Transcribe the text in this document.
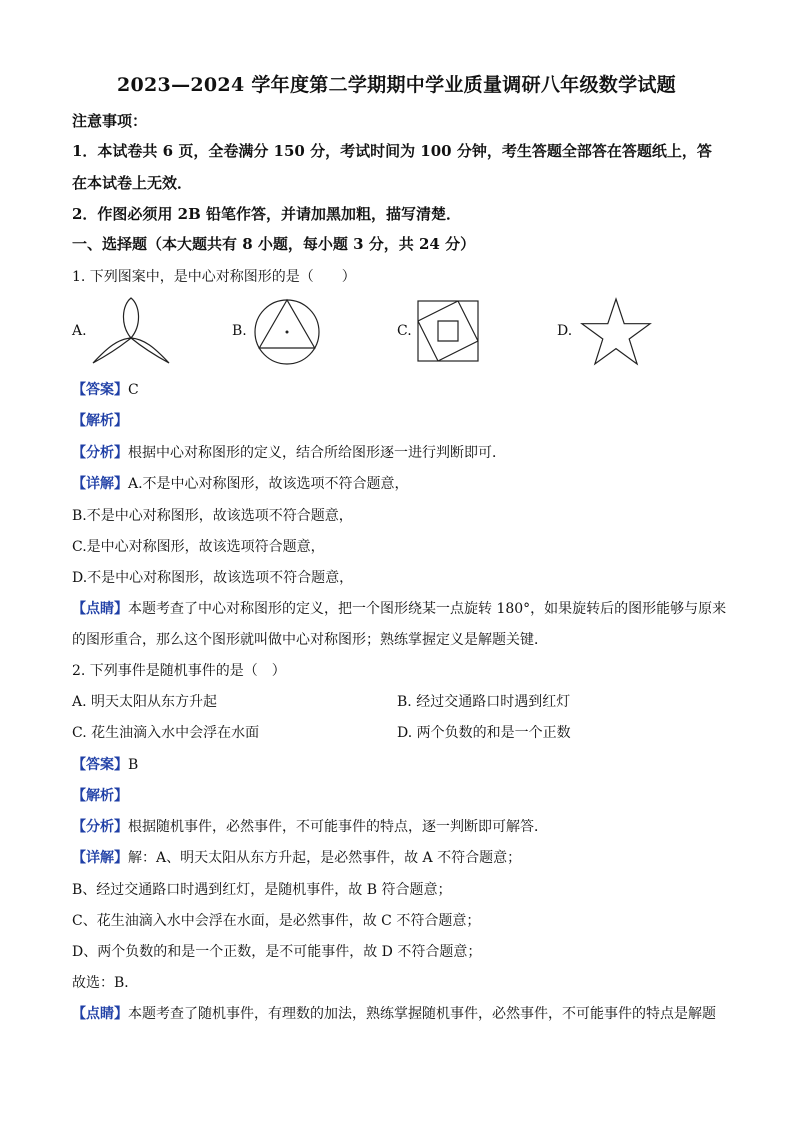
2023—2024 学年度第二学期期中学业质量调研八年级数学试题
注意事项：
1．本试卷共 6 页，全卷满分 150 分，考试时间为 100 分钟，考生答题全部答在答题纸上，答
在本试卷上无效．
2．作图必须用 2B 铅笔作答，并请加黑加粗，描写清楚．
一、选择题（本大题共有 8 小题，每小题 3 分，共 24 分）
1. 下列图案中，是中心对称图形的是（　　）
A.	B.	C.	D.
【答案】C
【解析】
【分析】根据中心对称图形的定义，结合所给图形逐一进行判断即可．
【详解】A.不是中心对称图形，故该选项不符合题意，
B.不是中心对称图形，故该选项不符合题意，
C.是中心对称图形，故该选项符合题意，
D.不是中心对称图形，故该选项不符合题意，
【点睛】本题考查了中心对称图形的定义，把一个图形绕某一点旋转 180°，如果旋转后的图形能够与原来
的图形重合，那么这个图形就叫做中心对称图形；熟练掌握定义是解题关键．
2. 下列事件是随机事件的是（　）
A. 明天太阳从东方升起	B. 经过交通路口时遇到红灯
C. 花生油滴入水中会浮在水面	D. 两个负数的和是一个正数
【答案】B
【解析】
【分析】根据随机事件，必然事件，不可能事件的特点，逐一判断即可解答．
【详解】解：A、明天太阳从东方升起，是必然事件，故 A 不符合题意；
B、经过交通路口时遇到红灯，是随机事件，故 B 符合题意；
C、花生油滴入水中会浮在水面，是必然事件，故 C 不符合题意；
D、两个负数的和是一个正数，是不可能事件，故 D 不符合题意；
故选：B．
【点睛】本题考查了随机事件，有理数的加法，熟练掌握随机事件，必然事件，不可能事件的特点是解题
